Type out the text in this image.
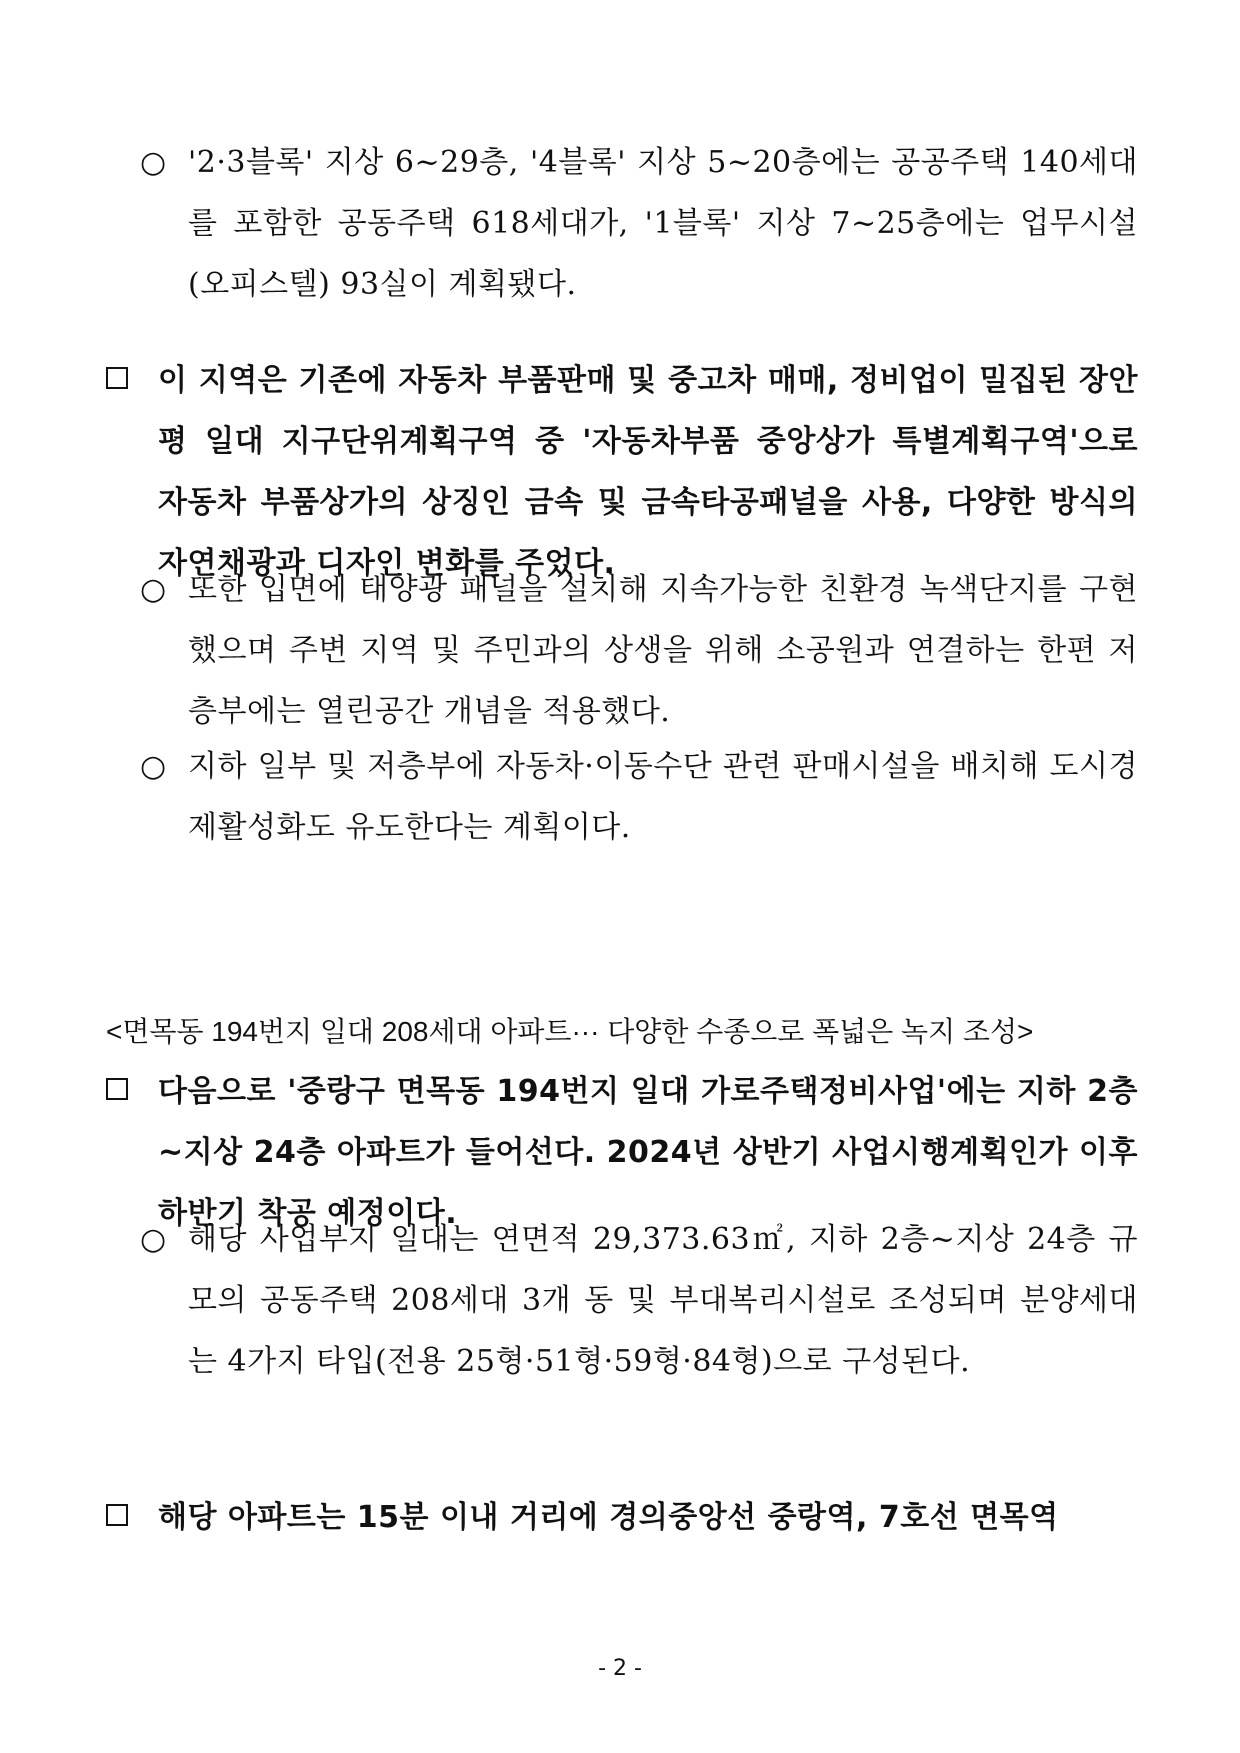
○ '2·3블록' 지상 6~29층, '4블록' 지상 5~20층에는 공공주택 140세대를 포함한 공동주택 618세대가, '1블록' 지상 7~25층에는 업무시설(오피스텔) 93실이 계획됐다.
이 지역은 기존에 자동차 부품판매 및 중고차 매매, 정비업이 밀집된 장안평 일대 지구단위계획구역 중 '자동차부품 중앙상가 특별계획구역'으로 자동차 부품상가의 상징인 금속 및 금속타공패널을 사용, 다양한 방식의 자연채광과 디자인 변화를 주었다.
○ 또한 입면에 태양광 패널을 설치해 지속가능한 친환경 녹색단지를 구현했으며 주변 지역 및 주민과의 상생을 위해 소공원과 연결하는 한편 저층부에는 열린공간 개념을 적용했다.
○ 지하 일부 및 저층부에 자동차·이동수단 관련 판매시설을 배치해 도시경제활성화도 유도한다는 계획이다.
<면목동 194번지 일대 208세대 아파트··· 다양한 수종으로 폭넓은 녹지 조성>
다음으로 '중랑구 면목동 194번지 일대 가로주택정비사업'에는 지하 2층~지상 24층 아파트가 들어선다. 2024년 상반기 사업시행계획인가 이후 하반기 착공 예정이다.
○ 해당 사업부지 일대는 연면적 29,373.63㎡, 지하 2층~지상 24층 규모의 공동주택 208세대 3개 동 및 부대복리시설로 조성되며 분양세대는 4가지 타입(전용 25형·51형·59형·84형)으로 구성된다.
해당 아파트는 15분 이내 거리에 경의중앙선 중랑역, 7호선 면목역
- 2 -
